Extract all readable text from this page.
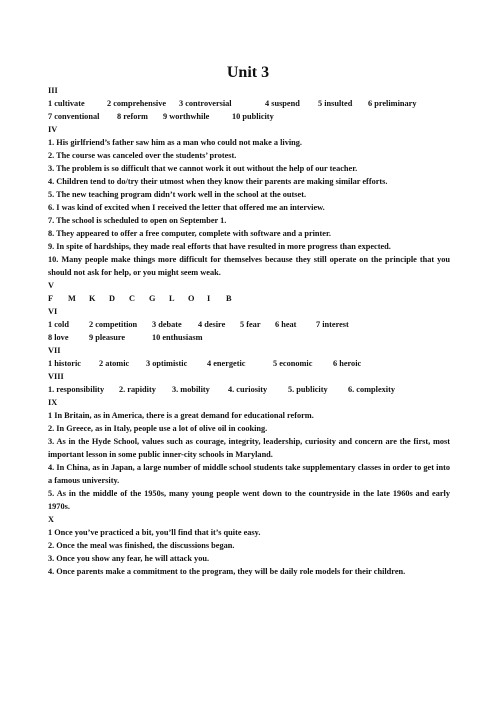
Unit 3

III

1 cultivate	2 comprehensive	3 controversial	4 suspend	5 insulted	6 preliminary
7 conventional	8 reform	9 worthwhile	10 publicity

IV

1. His girlfriend’s father saw him as a man who could not make a living.

2. The course was canceled over the students’ protest.

3. The problem is so difficult that we cannot work it out without the help of our teacher.

4. Children tend to do/try their utmost when they know their parents are making similar efforts.

5. The new teaching program didn’t work well in the school at the outset.

6. I was kind of excited when I received the letter that offered me an interview.

7. The school is scheduled to open on September 1.

8. They appeared to offer a free computer, complete with software and a printer.

9. In spite of hardships, they made real efforts that have resulted in more progress than expected.

10. Many people make things more difficult for themselves because they still operate on the principle that you should not ask for help, or you might seem weak.

V

F	M	K	D	C	G	L	O	I	B

VI

1 cold	2 competition	3 debate	4 desire	5 fear	6 heat	7 interest
8 love	9 pleasure	10 enthusiasm

VII

1 historic	2 atomic	3 optimistic	4 energetic	5 economic	6 heroic

VIII

1. responsibility	2. rapidity	3. mobility	4. curiosity	5. publicity	6. complexity

IX

1 In Britain, as in America, there is a great demand for educational reform.

2. In Greece, as in Italy, people use a lot of olive oil in cooking.

3. As in the Hyde School, values such as courage, integrity, leadership, curiosity and concern are the first, most important lesson in some public inner-city schools in Maryland.

4. In China, as in Japan, a large number of middle school students take supplementary classes in order to get into a famous university.

5. As in the middle of the 1950s, many young people went down to the countryside in the late 1960s and early 1970s.

X

1 Once you’ve practiced a bit, you’ll find that it’s quite easy.

2. Once the meal was finished, the discussions began.

3. Once you show any fear, he will attack you.

4. Once parents make a commitment to the program, they will be daily role models for their children.
